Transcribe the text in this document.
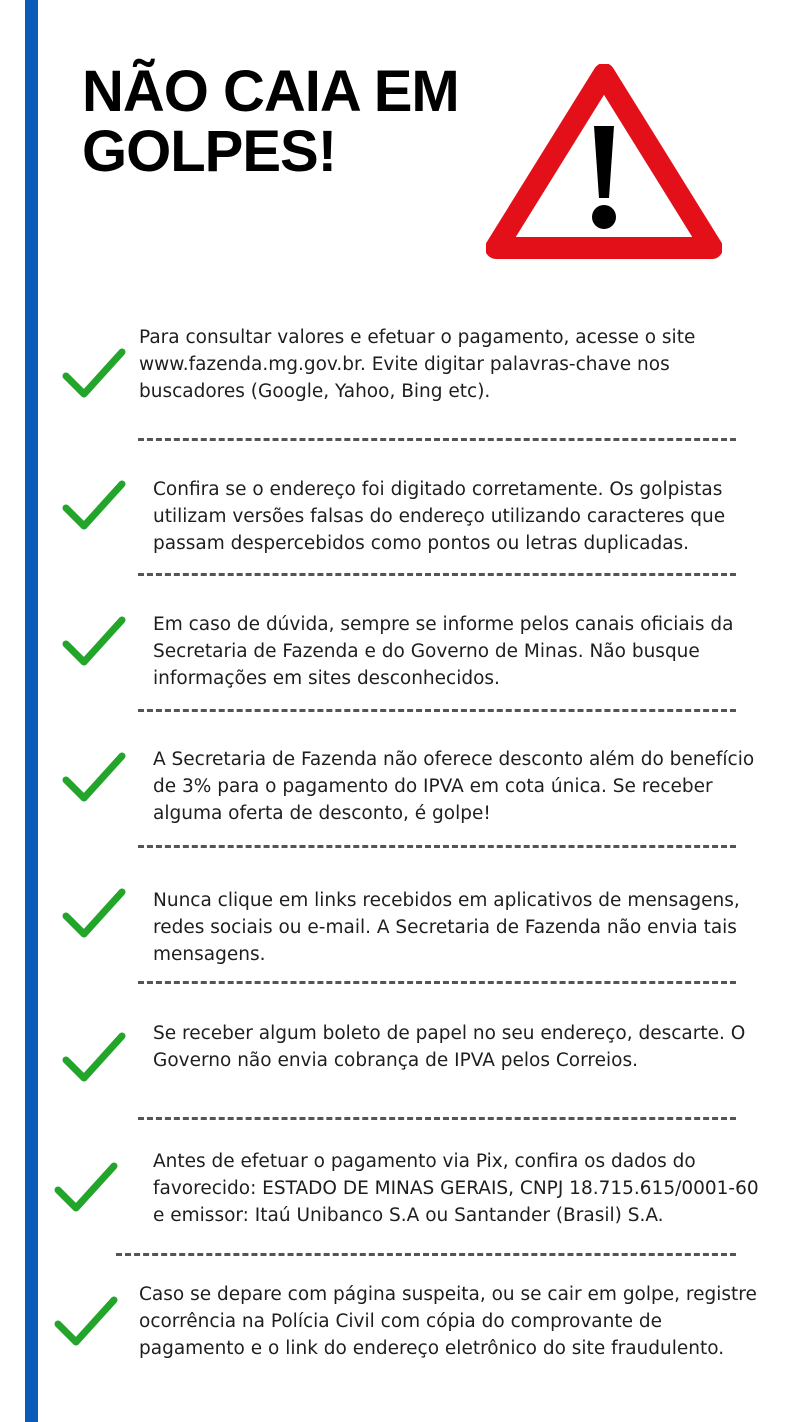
NÃO CAIA EM
GOLPES!

Para consultar valores e efetuar o pagamento, acesse o site www.fazenda.mg.gov.br. Evite digitar palavras-chave nos buscadores (Google, Yahoo, Bing etc).

Confira se o endereço foi digitado corretamente. Os golpistas utilizam versões falsas do endereço utilizando caracteres que passam despercebidos como pontos ou letras duplicadas.

Em caso de dúvida, sempre se informe pelos canais oficiais da Secretaria de Fazenda e do Governo de Minas. Não busque informações em sites desconhecidos.

A Secretaria de Fazenda não oferece desconto além do benefício de 3% para o pagamento do IPVA em cota única. Se receber alguma oferta de desconto, é golpe!

Nunca clique em links recebidos em aplicativos de mensagens, redes sociais ou e-mail. A Secretaria de Fazenda não envia tais mensagens.

Se receber algum boleto de papel no seu endereço, descarte. O Governo não envia cobrança de IPVA pelos Correios.

Antes de efetuar o pagamento via Pix, confira os dados do favorecido: ESTADO DE MINAS GERAIS, CNPJ 18.715.615/0001-60 e emissor: Itaú Unibanco S.A ou Santander (Brasil) S.A.

Caso se depare com página suspeita, ou se cair em golpe, registre ocorrência na Polícia Civil com cópia do comprovante de pagamento e o link do endereço eletrônico do site fraudulento.
